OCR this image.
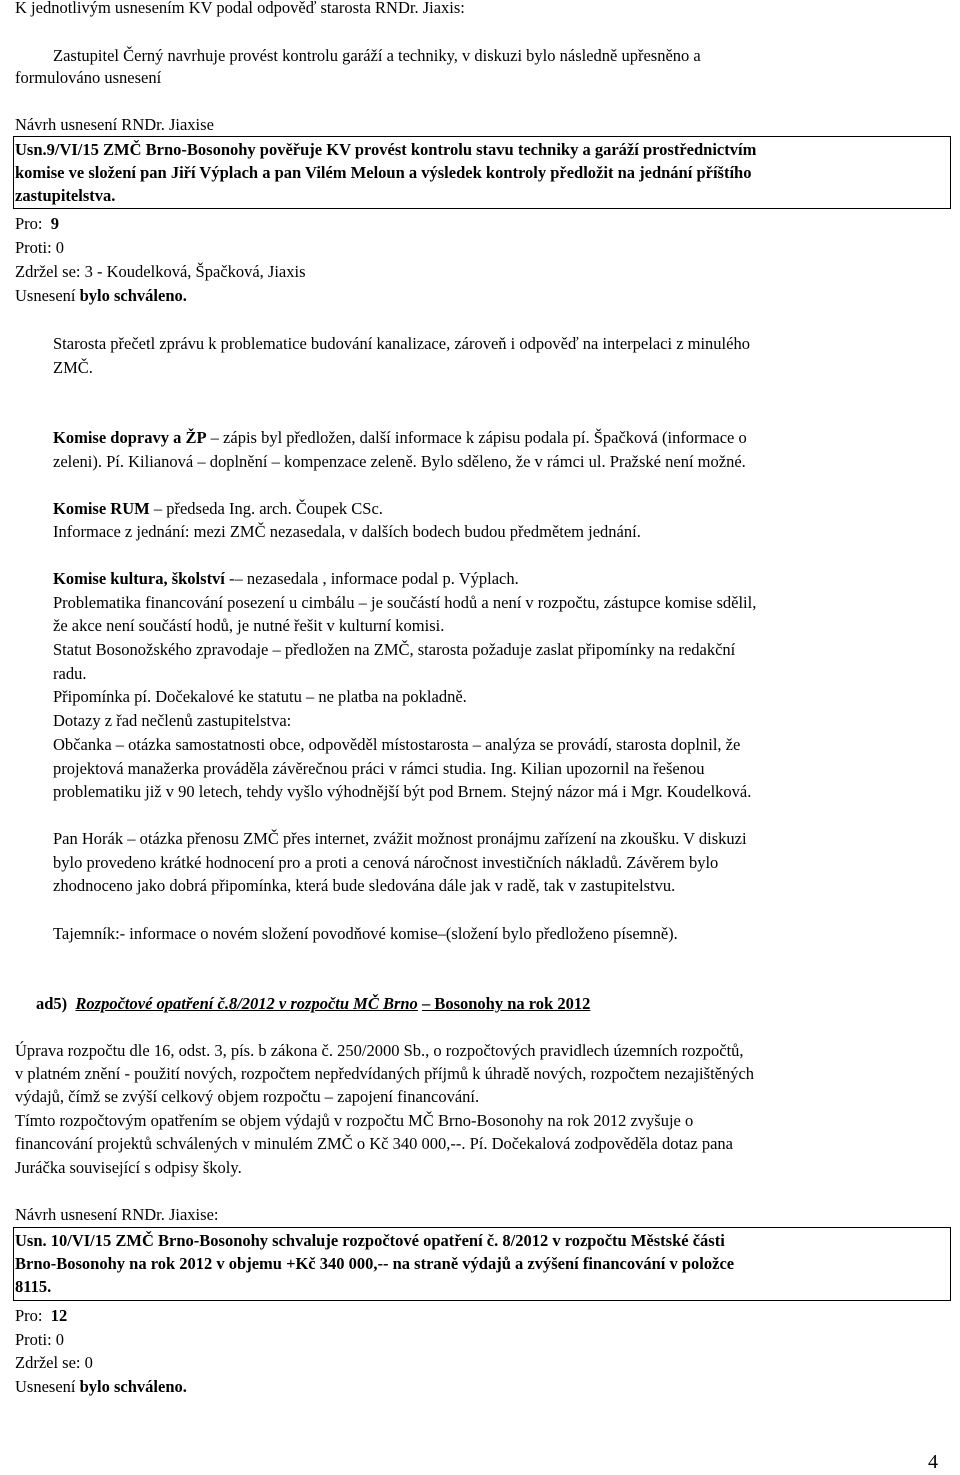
K jednotlivým usnesením KV podal odpověď starosta RNDr. Jiaxis:
Zastupitel Černý navrhuje provést kontrolu garáží a techniky, v diskuzi bylo následně upřesněno a
formulováno usnesení
Návrh usnesení RNDr. Jiaxise
Usn.9/VI/15 ZMČ Brno-Bosonohy pověřuje KV provést kontrolu stavu techniky a garáží prostřednictvím
komise ve složení pan Jiří Výplach a pan Vilém Meloun a výsledek kontroly předložit na jednání příštího
zastupitelstva.
Pro: 9
Proti: 0
Zdržel se: 3 - Koudelková, Špačková, Jiaxis
Usnesení bylo schváleno.
Starosta přečetl zprávu k problematice budování kanalizace, zároveň i odpověď na interpelaci z minulého
ZMČ.
Komise dopravy a ŽP – zápis byl předložen, další informace k zápisu podala pí. Špačková (informace o
zeleni). Pí. Kilianová – doplnění – kompenzace zeleně. Bylo sděleno, že v rámci ul. Pražské není možné.
Komise RUM – předseda Ing. arch. Čoupek CSc.
Informace z jednání: mezi ZMČ nezasedala, v dalších bodech budou předmětem jednání.
Komise kultura, školství -– nezasedala , informace podal p. Výplach.
Problematika financování posezení u cimbálu – je součástí hodů a není v rozpočtu, zástupce komise sdělil,
že akce není součástí hodů, je nutné řešit v kulturní komisi.
Statut Bosonožského zpravodaje – předložen na ZMČ, starosta požaduje zaslat připomínky na redakční
radu.
Připomínka pí. Dočekalové ke statutu – ne platba na pokladně.
Dotazy z řad nečlenů zastupitelstva:
Občanka – otázka samostatnosti obce, odpověděl místostarosta – analýza se provádí, starosta doplnil, že
projektová manažerka prováděla závěrečnou práci v rámci studia. Ing. Kilian upozornil na řešenou
problematiku již v 90 letech, tehdy vyšlo výhodnější být pod Brnem. Stejný názor má i Mgr. Koudelková.
Pan Horák – otázka přenosu ZMČ přes internet, zvážit možnost pronájmu zařízení na zkoušku. V diskuzi
bylo provedeno krátké hodnocení pro a proti a cenová náročnost investičních nákladů. Závěrem bylo
zhodnoceno jako dobrá připomínka, která bude sledována dále jak v radě, tak v zastupitelstvu.
Tajemník:- informace o novém složení povodňové komise–(složení bylo předloženo písemně).
ad5) Rozpočtové opatření č.8/2012 v rozpočtu MČ Brno – Bosonohy na rok 2012
Úprava rozpočtu dle 16, odst. 3, pís. b zákona č. 250/2000 Sb., o rozpočtových pravidlech územních rozpočtů,
v platném znění - použití nových, rozpočtem nepředvídaných příjmů k úhradě nových, rozpočtem nezajištěných
výdajů, čímž se zvýší celkový objem rozpočtu – zapojení financování.
Tímto rozpočtovým opatřením se objem výdajů v rozpočtu MČ Brno-Bosonohy na rok 2012 zvyšuje o
financování projektů schválených v minulém ZMČ o Kč 340 000,--. Pí. Dočekalová zodpověděla dotaz pana
Juráčka související s odpisy školy.
Návrh usnesení RNDr. Jiaxise:
Usn. 10/VI/15 ZMČ Brno-Bosonohy schvaluje rozpočtové opatření č. 8/2012 v rozpočtu Městské části
Brno-Bosonohy na rok 2012 v objemu +Kč 340 000,-- na straně výdajů a zvýšení financování v položce
8115.
Pro: 12
Proti: 0
Zdržel se: 0
Usnesení bylo schváleno.
4
